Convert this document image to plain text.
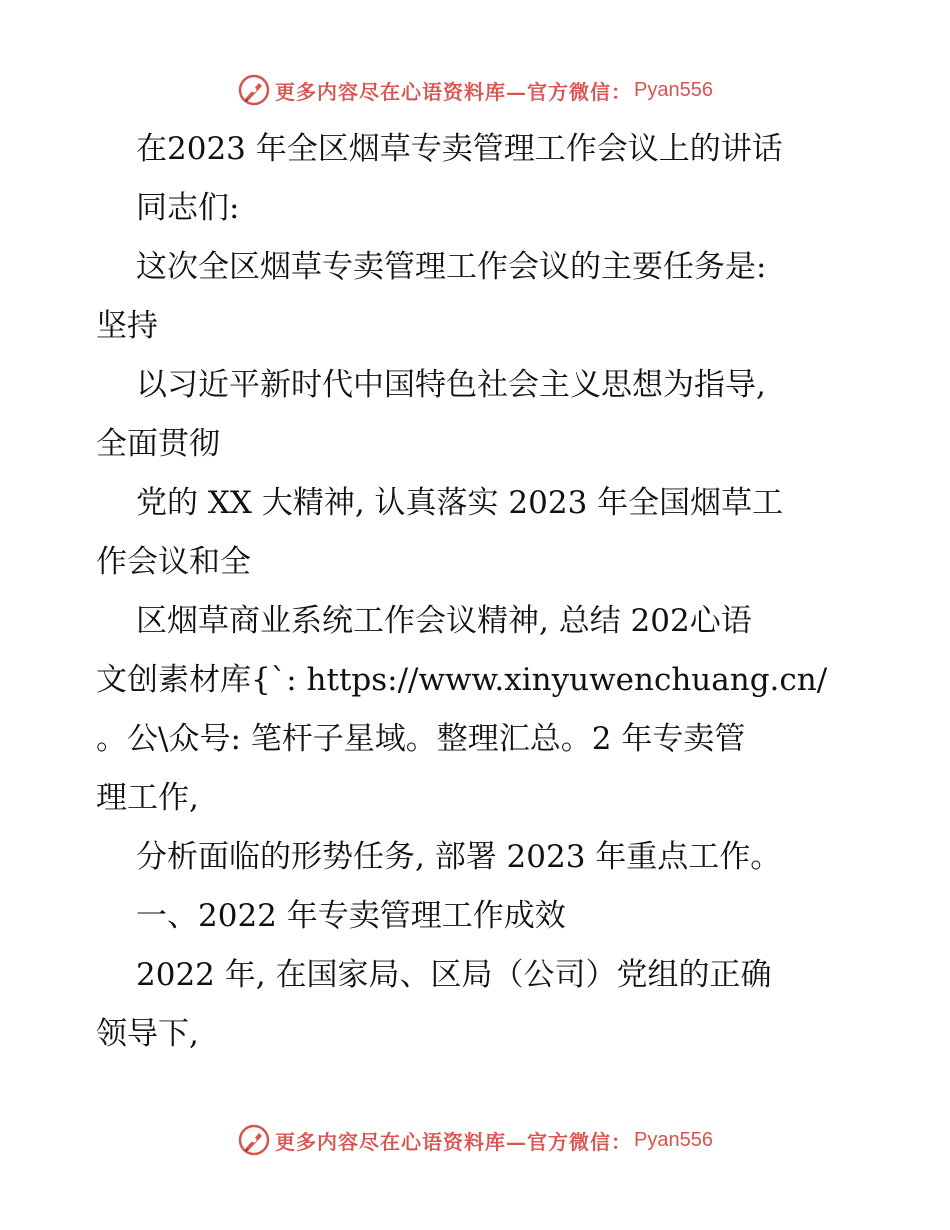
更多内容尽在心语资料库—官方微信： Pyan556
在2023 年全区烟草专卖管理工作会议上的讲话
同志们:
这次全区烟草专卖管理工作会议的主要任务是:
坚持
以习近平新时代中国特色社会主义思想为指导,
全面贯彻
党的 XX 大精神, 认真落实 2023 年全国烟草工
作会议和全
区烟草商业系统工作会议精神, 总结 202心语
文创素材库{`: https://www.xinyuwenchuang.cn/
。公\众号: 笔杆子星域。整理汇总。2 年专卖管
理工作,
分析面临的形势任务, 部署 2023 年重点工作。
一、2022 年专卖管理工作成效
2022 年, 在国家局、区局（公司）党组的正确
领导下,
更多内容尽在心语资料库—官方微信： Pyan556
